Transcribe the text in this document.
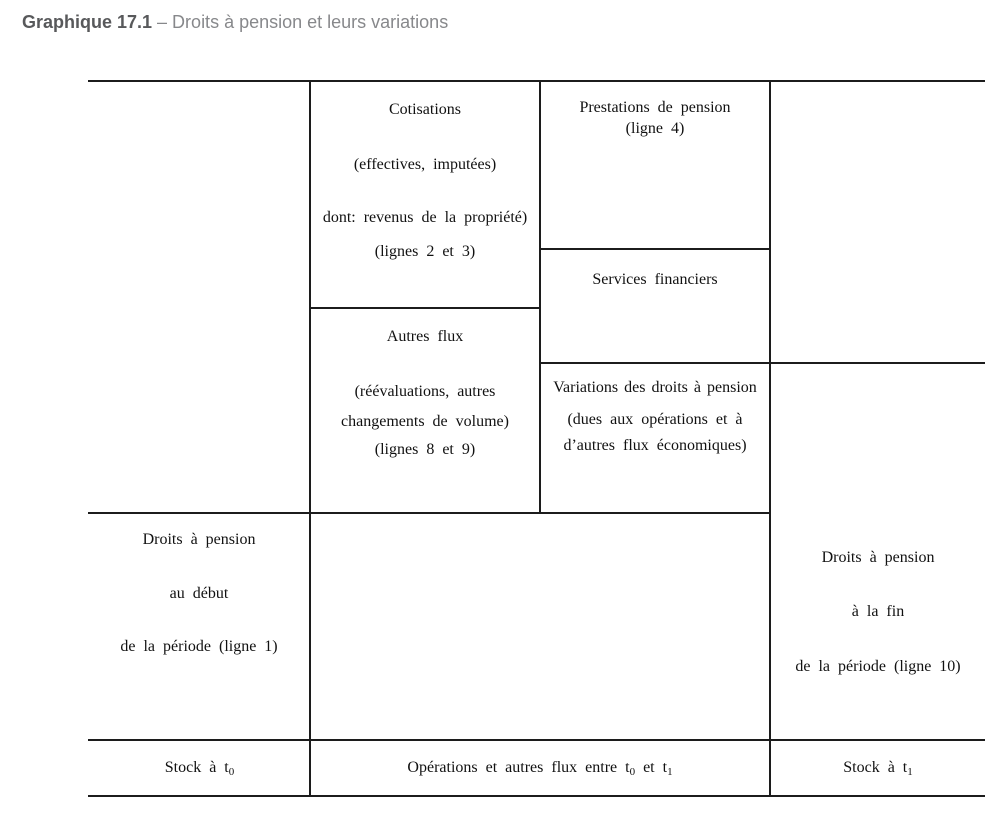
Graphique 17.1 – Droits à pension et leurs variations
Cotisations
(effectives, imputées)
dont: revenus de la propriété)
(lignes 2 et 3)
Prestations de pension
(ligne 4)
Services financiers
Autres flux
(réévaluations, autres
changements de volume)
(lignes 8 et 9)
Variations des droits à pension
(dues aux opérations et à
d’autres flux économiques)
Droits à pension
au début
de la période (ligne 1)
Droits à pension
à la fin
de la période (ligne 10)
Stock à $t_0$	Opérations et autres flux entre $t_0$ et $t_1$	Stock à $t_1$
